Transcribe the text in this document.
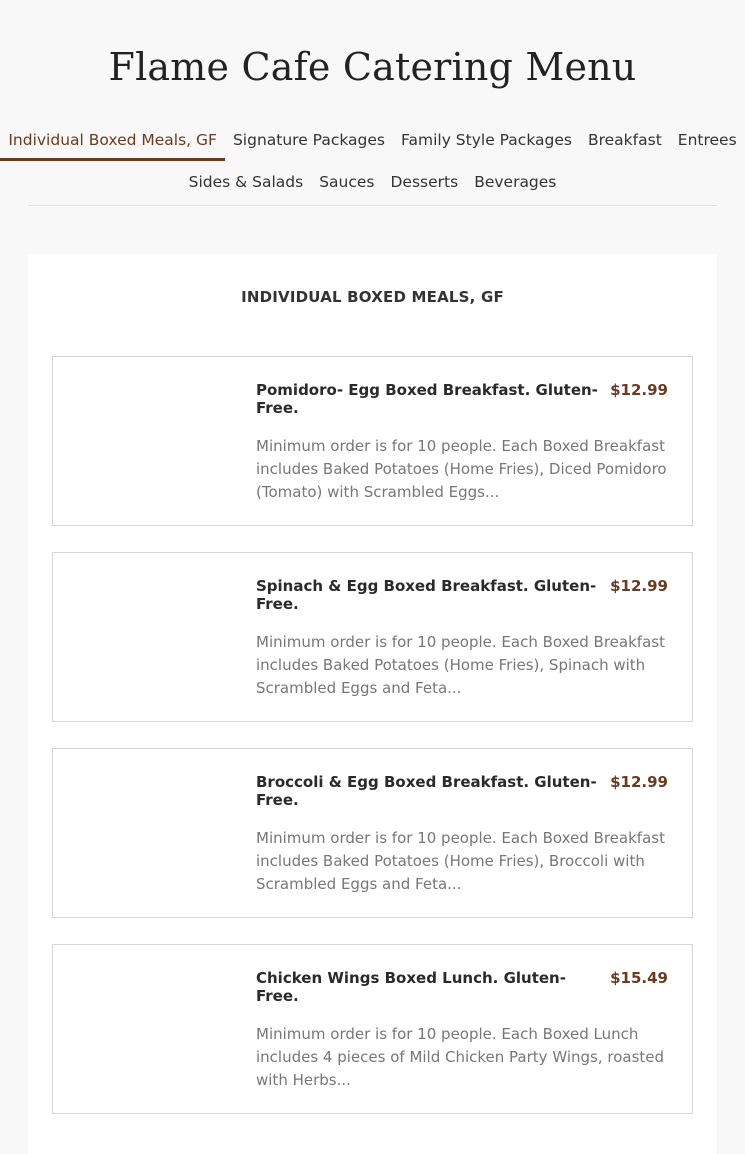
Flame Cafe Catering Menu
Individual Boxed Meals, GF	Signature Packages	Family Style Packages	Breakfast	Entrees
Sides & Salads	Sauces	Desserts	Beverages
INDIVIDUAL BOXED MEALS, GF
Pomidoro- Egg Boxed Breakfast. Gluten- Free.
$12.99
Minimum order is for 10 people. Each Boxed Breakfast includes Baked Potatoes (Home Fries), Diced Pomidoro (Tomato) with Scrambled Eggs...
Spinach & Egg Boxed Breakfast. Gluten- Free.
$12.99
Minimum order is for 10 people. Each Boxed Breakfast includes Baked Potatoes (Home Fries), Spinach with Scrambled Eggs and Feta...
Broccoli & Egg Boxed Breakfast. Gluten- Free.
$12.99
Minimum order is for 10 people. Each Boxed Breakfast includes Baked Potatoes (Home Fries), Broccoli with Scrambled Eggs and Feta...
Chicken Wings Boxed Lunch. Gluten- Free.
$15.49
Minimum order is for 10 people. Each Boxed Lunch includes 4 pieces of Mild Chicken Party Wings, roasted with Herbs...
